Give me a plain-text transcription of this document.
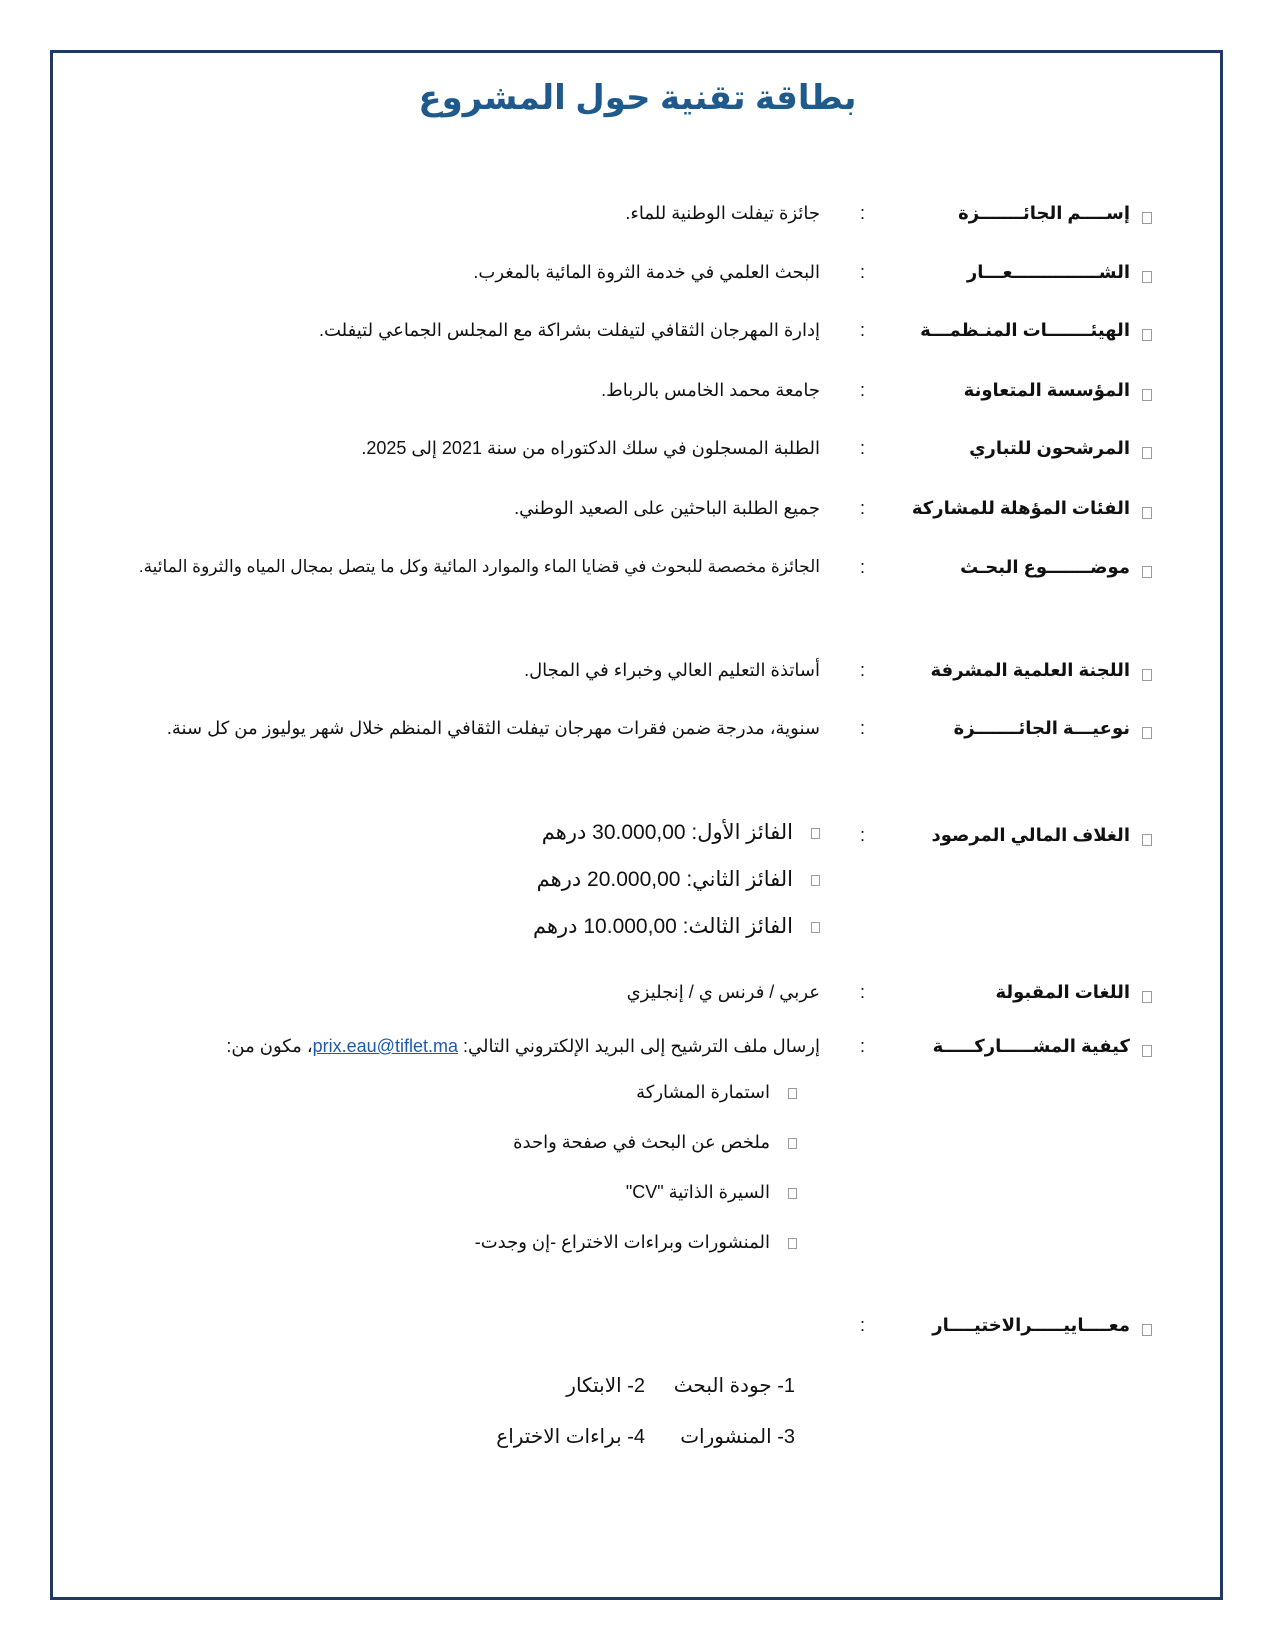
بطاقة تقنية حول المشروع
إســــم الجائـــــــزة
:
جائزة تيفلت الوطنية للماء.
الشــــــــــــــعـــار
:
البحث العلمي في خدمة الثروة المائية بالمغرب.
الهيئـــــــات المنـظمـــة
:
إدارة المهرجان الثقافي لتيفلت بشراكة مع المجلس الجماعي لتيفلت.
المؤسسة المتعاونة
:
جامعة محمد الخامس بالرباط.
المرشحون للتباري
:
الطلبة المسجلون في سلك الدكتوراه من سنة 2021 إلى 2025.
الفئات المؤهلة للمشاركة
:
جميع الطلبة الباحثين على الصعيد الوطني.
موضـــــــوع البحـث
:
الجائزة مخصصة للبحوث في قضايا الماء والموارد المائية وكل ما يتصل بمجال المياه والثروة المائية.
اللجنة العلمية المشرفة
:
أساتذة التعليم العالي وخبراء في المجال.
نوعيـــة الجائـــــــزة
:
سنوية، مدرجة ضمن فقرات مهرجان تيفلت الثقافي المنظم خلال شهر يوليوز من كل سنة.
الغلاف المالي المرصود
:
الفائز الأول: 30.000,00 درهم
الفائز الثاني: 20.000,00 درهم
الفائز الثالث: 10.000,00 درهم
اللغات المقبولة
:
عربي / فرنس ي / إنجليزي
كيفية المشـــــاركـــــة
:
إرسال ملف الترشيح إلى البريد الإلكتروني التالي: prix.eau@tiflet.ma، مكون من:
استمارة المشاركة
ملخص عن البحث في صفحة واحدة
السيرة الذاتية "CV"
المنشورات وبراءات الاختراع -إن وجدت-
معــــاييـــــرالاختيــــار
:
1- جودة البحث
2- الابتكار
3- المنشورات
4- براءات الاختراع
